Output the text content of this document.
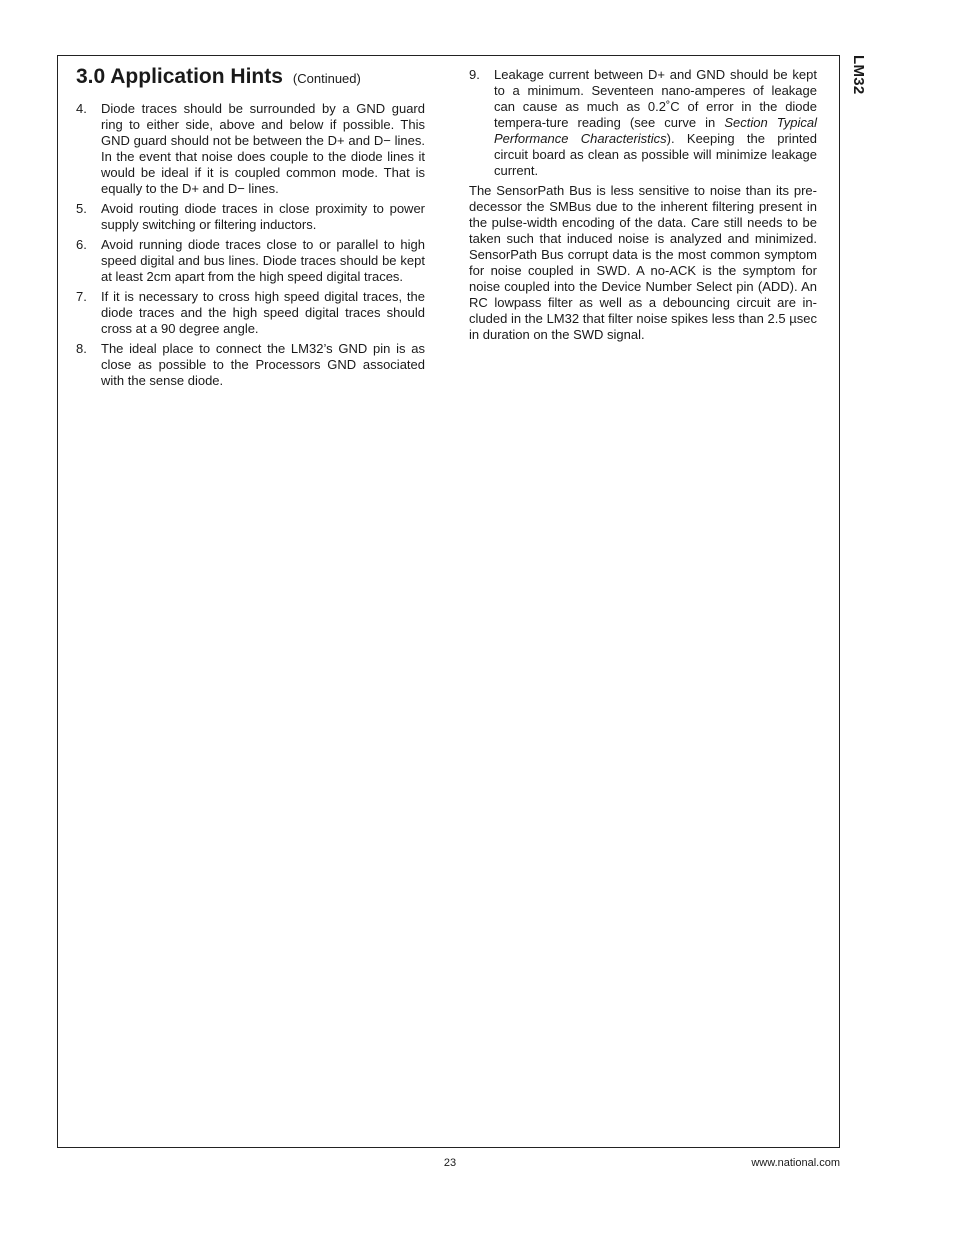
LM32
3.0 Application Hints (Continued)
4.	Diode traces should be surrounded by a GND guard ring to either side, above and below if possible. This GND guard should not be between the D+ and D− lines. In the event that noise does couple to the diode lines it would be ideal if it is coupled common mode. That is equally to the D+ and D− lines.
5.	Avoid routing diode traces in close proximity to power supply switching or filtering inductors.
6.	Avoid running diode traces close to or parallel to high speed digital and bus lines. Diode traces should be kept at least 2cm apart from the high speed digital traces.
7.	If it is necessary to cross high speed digital traces, the diode traces and the high speed digital traces should cross at a 90 degree angle.
8.	The ideal place to connect the LM32’s GND pin is as close as possible to the Processors GND associated with the sense diode.
9.	Leakage current between D+ and GND should be kept to a minimum. Seventeen nano-amperes of leakage can cause as much as 0.2˚C of error in the diode tempera-ture reading (see curve in Section Typical Performance Characteristics). Keeping the printed circuit board as clean as possible will minimize leakage current.

The SensorPath Bus is less sensitive to noise than its pre-decessor the SMBus due to the inherent filtering present in the pulse-width encoding of the data. Care still needs to be taken such that induced noise is analyzed and minimized. SensorPath Bus corrupt data is the most common symptom for noise coupled in SWD. A no-ACK is the symptom for noise coupled into the Device Number Select pin (ADD). An RC lowpass filter as well as a debouncing circuit are in-cluded in the LM32 that filter noise spikes less than 2.5 µsec in duration on the SWD signal.

23	www.national.com
